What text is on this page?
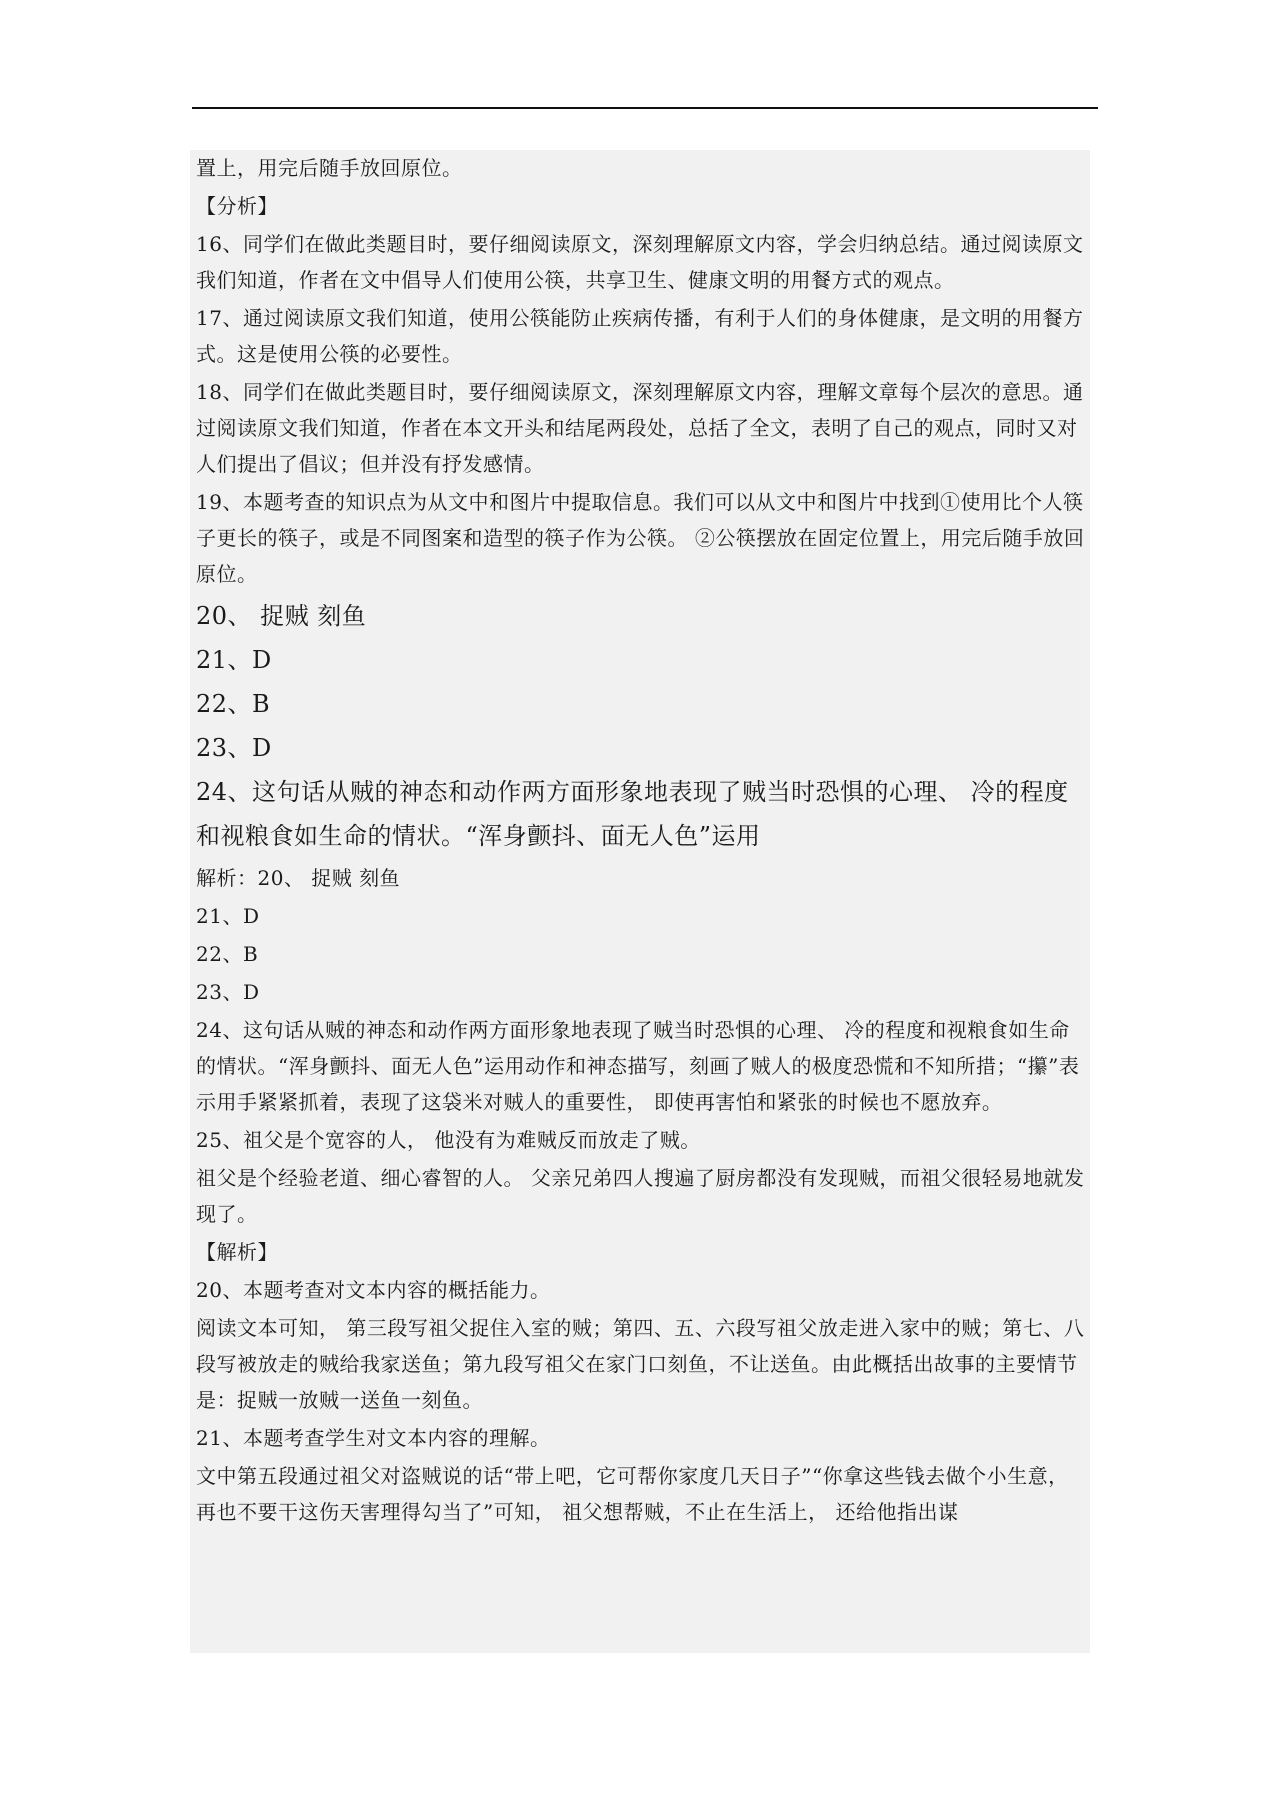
置上，用完后随手放回原位。

【分析】

16、同学们在做此类题目时，要仔细阅读原文，深刻理解原文内容，学会归纳总结。通过阅读原文我们知道，作者在文中倡导人们使用公筷，共享卫生、健康文明的用餐方式的观点。

17、通过阅读原文我们知道，使用公筷能防止疾病传播，有利于人们的身体健康，是文明的用餐方式。这是使用公筷的必要性。

18、同学们在做此类题目时，要仔细阅读原文，深刻理解原文内容，理解文章每个层次的意思。通过阅读原文我们知道，作者在本文开头和结尾两段处，总括了全文，表明了自己的观点，同时又对人们提出了倡议；但并没有抒发感情。

19、本题考查的知识点为从文中和图片中提取信息。我们可以从文中和图片中找到①使用比个人筷子更长的筷子，或是不同图案和造型的筷子作为公筷。 ②公筷摆放在固定位置上，用完后随手放回原位。

20、 捉贼 刻鱼

21、D

22、B

23、D

24、这句话从贼的神态和动作两方面形象地表现了贼当时恐惧的心理、 冷的程度和视粮食如生命的情状。“浑身颤抖、面无人色”运用

解析：20、 捉贼 刻鱼

21、D

22、B

23、D

24、这句话从贼的神态和动作两方面形象地表现了贼当时恐惧的心理、 冷的程度和视粮食如生命的情状。“浑身颤抖、面无人色”运用动作和神态描写，刻画了贼人的极度恐慌和不知所措；“攥”表示用手紧紧抓着，表现了这袋米对贼人的重要性， 即使再害怕和紧张的时候也不愿放弃。

25、祖父是个宽容的人， 他没有为难贼反而放走了贼。

祖父是个经验老道、细心睿智的人。 父亲兄弟四人搜遍了厨房都没有发现贼，而祖父很轻易地就发现了。

【解析】

20、本题考查对文本内容的概括能力。

阅读文本可知， 第三段写祖父捉住入室的贼；第四、五、六段写祖父放走进入家中的贼；第七、八段写被放走的贼给我家送鱼；第九段写祖父在家门口刻鱼，不让送鱼。由此概括出故事的主要情节是：捉贼一放贼一送鱼一刻鱼。

21、本题考查学生对文本内容的理解。

文中第五段通过祖父对盗贼说的话“带上吧，它可帮你家度几天日子”“你拿这些钱去做个小生意， 再也不要干这伤天害理得勾当了”可知， 祖父想帮贼，不止在生活上， 还给他指出谋
